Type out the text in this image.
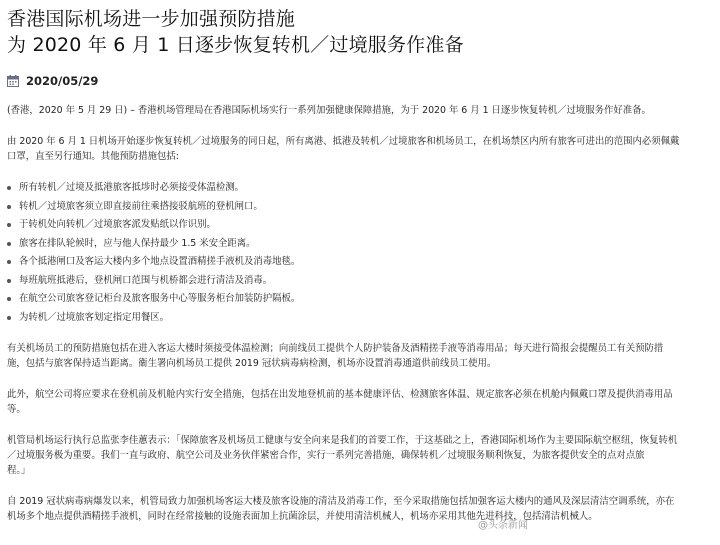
香港国际机场进一步加强预防措施
为 2020 年 6 月 1 日逐步恢复转机／过境服务作准备
2020/05/29

(香港，2020 年 5 月 29 日) – 香港机场管理局在香港国际机场实行一系列加强健康保障措施，为于 2020 年 6 月 1 日逐步恢复转机／过境服务作好准备。

由 2020 年 6 月 1 日机场开始逐步恢复转机／过境服务的同日起，所有离港、抵港及转机／过境旅客和机场员工，在机场禁区内所有旅客可进出的范围内必须佩戴

口罩，直至另行通知。其他预防措施包括:

所有转机／过境及抵港旅客抵埗时必须接受体温检测。
转机／过境旅客须立即直接前往乘搭接驳航班的登机闸口。
于转机处向转机／过境旅客派发贴纸以作识别。
旅客在排队轮候时，应与他人保持最少 1.5 米安全距离。
各个抵港闸口及客运大楼内多个地点设置酒精搓手液机及消毒地毯。
每班航班抵港后，登机闸口范围与机桥都会进行清洁及消毒。
在航空公司旅客登记柜台及旅客服务中心等服务柜台加装防护隔板。
为转机／过境旅客划定指定用餐区。

有关机场员工的预防措施包括在进入客运大楼时须接受体温检测；向前线员工提供个人防护装备及酒精搓手液等消毒用品；每天进行简报会提醒员工有关预防措

施，包括与旅客保持适当距离。衞生署向机场员工提供 2019 冠状病毒病检测，机场亦设置消毒通道供前线员工使用。

此外，航空公司将应要求在登机前及机舱内实行安全措施，包括在出发地登机前的基本健康评估、检测旅客体温、规定旅客必须在机舱内佩戴口罩及提供消毒用品

等。

机管局机场运行执行总监张李佳蕙表示：「保障旅客及机场员工健康与安全向来是我们的首要工作，于这基础之上，香港国际机场作为主要国际航空枢纽，恢复转机

／过境服务极为重要。我们一直与政府、航空公司及业务伙伴紧密合作，实行一系列完善措施，确保转机／过境服务顺利恢复，为旅客提供安全的点对点旅

程。」

自 2019 冠状病毒病爆发以来，机管局致力加强机场客运大楼及旅客设施的清洁及消毒工作，至今采取措施包括加强客运大楼内的通风及深层清洁空调系统，亦在

机场多个地点提供酒精搓手液机，同时在经常接触的设施表面加上抗菌涂层，并使用清洁机械人，机场亦采用其他先进科技，包括清洁机械人。

@头条新闻
